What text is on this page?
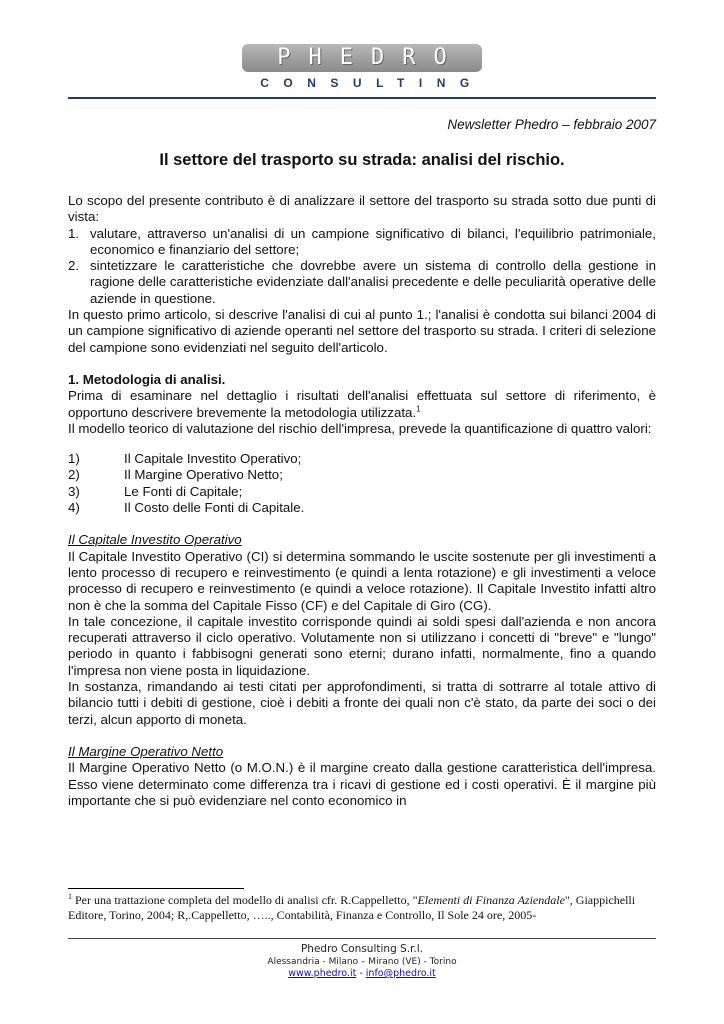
PHEDRO
CONSULTING
Newsletter Phedro – febbraio 2007
Il settore del trasporto su strada: analisi del rischio.

Lo scopo del presente contributo è di analizzare il settore del trasporto su strada sotto due punti di vista:

1. valutare, attraverso un'analisi di un campione significativo di bilanci, l'equilibrio patrimoniale, economico e finanziario del settore;
2. sintetizzare le caratteristiche che dovrebbe avere un sistema di controllo della gestione in ragione delle caratteristiche evidenziate dall'analisi precedente e delle peculiarità operative delle aziende in questione.

In questo primo articolo, si descrive l'analisi di cui al punto 1.; l'analisi è condotta sui bilanci 2004 di un campione significativo di aziende operanti nel settore del trasporto su strada. I criteri di selezione del campione sono evidenziati nel seguito dell'articolo.

1. Metodologia di analisi.

Prima di esaminare nel dettaglio i risultati dell'analisi effettuata sul settore di riferimento, è opportuno descrivere brevemente la metodologia utilizzata.$^1$

Il modello teorico di valutazione del rischio dell'impresa, prevede la quantificazione di quattro valori:

1)	Il Capitale Investito Operativo;
2)	Il Margine Operativo Netto;
3)	Le Fonti di Capitale;
4)	Il Costo delle Fonti di Capitale.

Il Capitale Investito Operativo

Il Capitale Investito Operativo (CI) si determina sommando le uscite sostenute per gli investimenti a lento processo di recupero e reinvestimento (e quindi a lenta rotazione) e gli investimenti a veloce processo di recupero e reinvestimento (e quindi a veloce rotazione). Il Capitale Investito infatti altro non è che la somma del Capitale Fisso (CF) e del Capitale di Giro (CG).

In tale concezione, il capitale investito corrisponde quindi ai soldi spesi dall'azienda e non ancora recuperati attraverso il ciclo operativo. Volutamente non si utilizzano i concetti di "breve" e "lungo" periodo in quanto i fabbisogni generati sono eterni; durano infatti, normalmente, fino a quando l'impresa non viene posta in liquidazione.

In sostanza, rimandando ai testi citati per approfondimenti, si tratta di sottrarre al totale attivo di bilancio tutti i debiti di gestione, cioè i debiti a fronte dei quali non c'è stato, da parte dei soci o dei terzi, alcun apporto di moneta.

Il Margine Operativo Netto

Il Margine Operativo Netto (o M.O.N.) è il margine creato dalla gestione caratteristica dell'impresa. Esso viene determinato come differenza tra i ricavi di gestione ed i costi operativi. È il margine più importante che si può evidenziare nel conto economico in

$^1$ Per una trattazione completa del modello di analisi cfr. R.Cappelletto, "Elementi di Finanza Aziendale", Giappichelli Editore, Torino, 2004; R,.Cappelletto, ….., Contabilità, Finanza e Controllo, Il Sole 24 ore, 2005-
Phedro Consulting S.r.l.
Alessandria - Milano – Mirano (VE) - Torino
www.phedro.it - info@phedro.it
